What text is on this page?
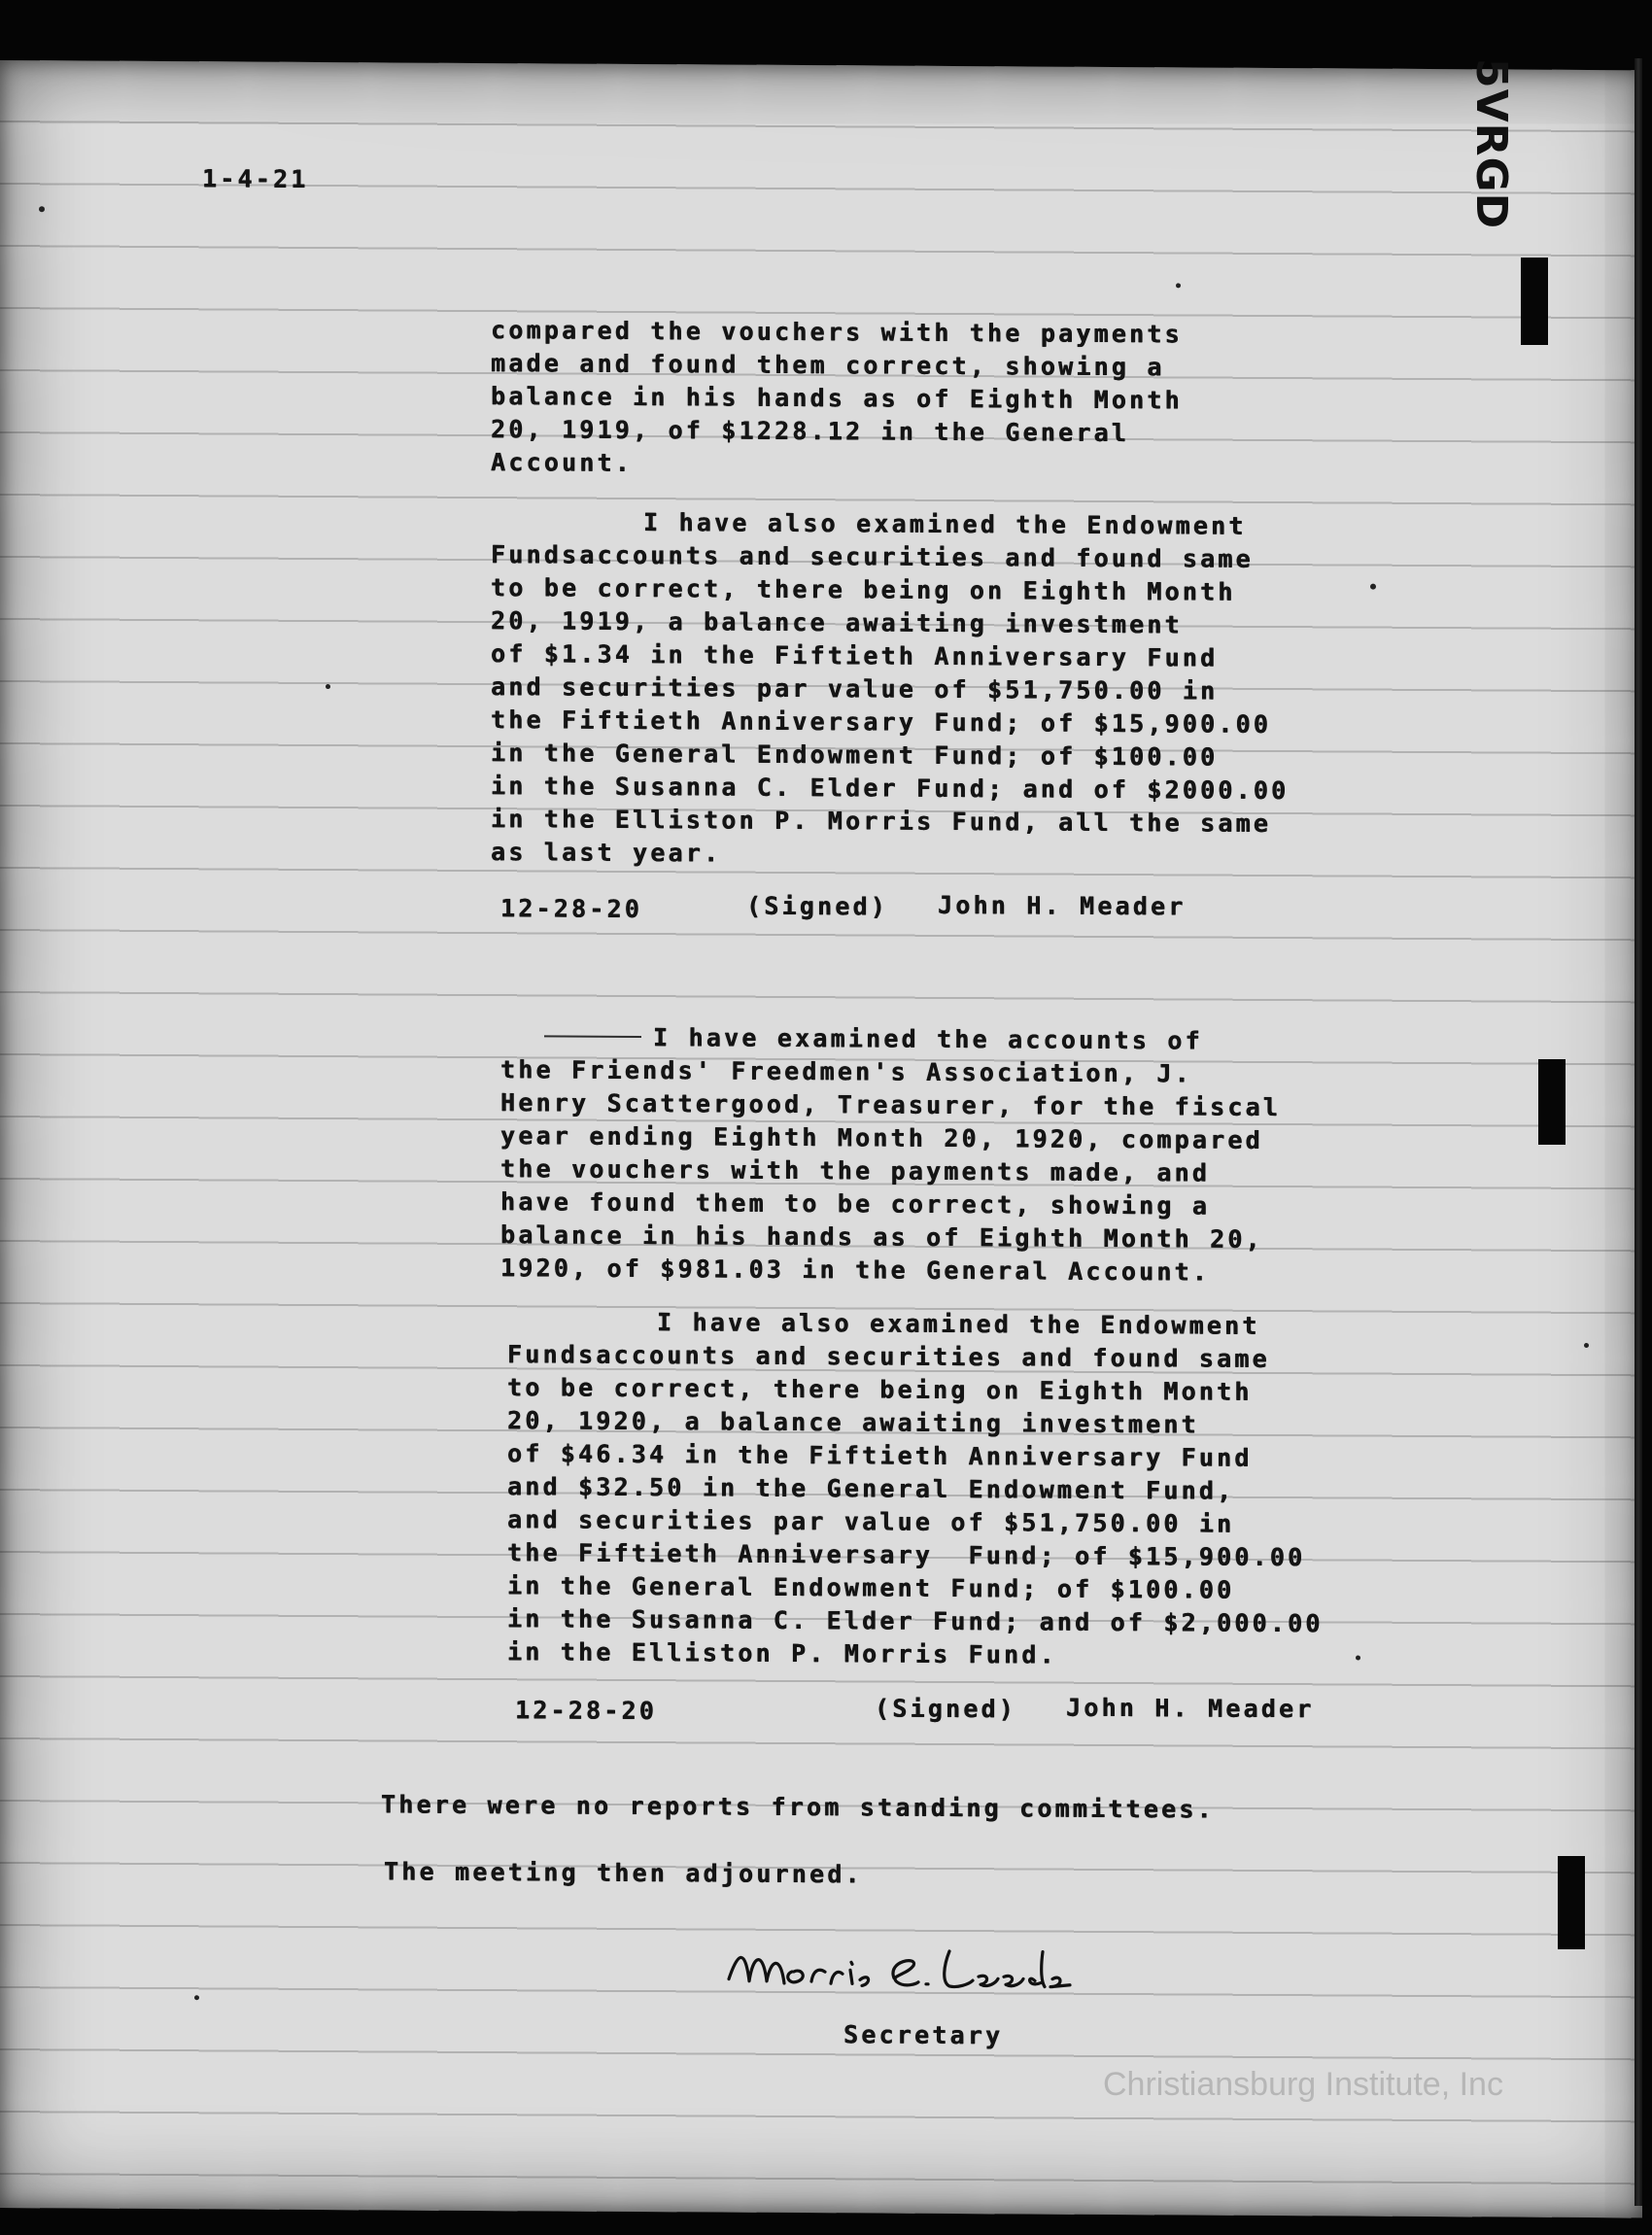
1-4-21
compared the vouchers with the payments
made and found them correct, showing a
balance in his hands as of Eighth Month
20, 1919, of $1228.12 in the General
Account.
I have also examined the Endowment
Fundsaccounts and securities and found same
to be correct, there being on Eighth Month
20, 1919, a balance awaiting investment
of $1.34 in the Fiftieth Anniversary Fund
and securities par value of $51,750.00 in
the Fiftieth Anniversary Fund; of $15,900.00
in the General Endowment Fund; of $100.00
in the Susanna C. Elder Fund; and of $2000.00
in the Elliston P. Morris Fund, all the same
as last year.
12-28-20	(Signed) John H. Meader
I have examined the accounts of
the Friends' Freedmen's Association, J.
Henry Scattergood, Treasurer, for the fiscal
year ending Eighth Month 20, 1920, compared
the vouchers with the payments made, and
have found them to be correct, showing a
balance in his hands as of Eighth Month 20,
1920, of $981.03 in the General Account.
I have also examined the Endowment
Fundsaccounts and securities and found same
to be correct, there being on Eighth Month
20, 1920, a balance awaiting investment
of $46.34 in the Fiftieth Anniversary Fund
and $32.50 in the General Endowment Fund,
and securities par value of $51,750.00 in
the Fiftieth Anniversary  Fund; of $15,900.00
in the General Endowment Fund; of $100.00
in the Susanna C. Elder Fund; and of $2,000.00
in the Elliston P. Morris Fund.
12-28-20	(Signed) John H. Meader
There were no reports from standing committees.
The meeting then adjourned.
Secretary
5VRGD
Christiansburg Institute, Inc
